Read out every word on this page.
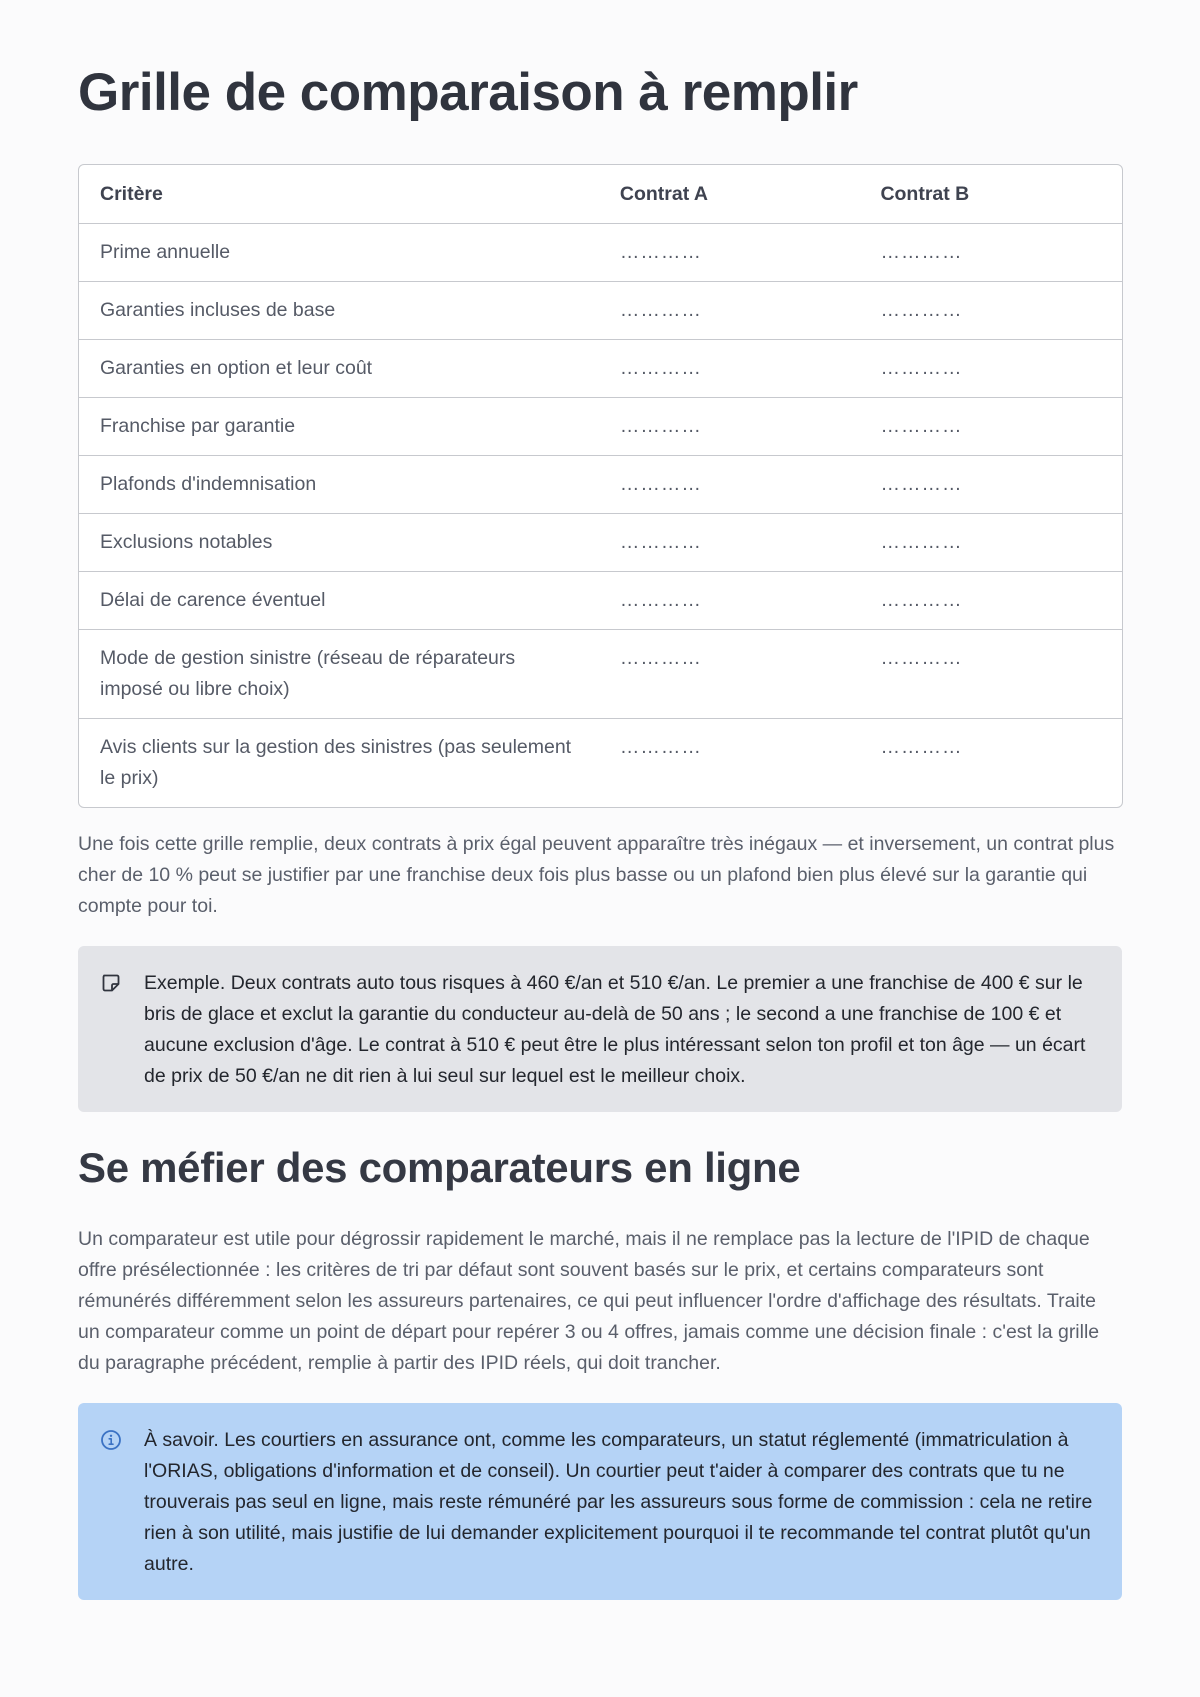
Grille de comparaison à remplir
Critère	Contrat A	Contrat B
Prime annuelle	…………	…………
Garanties incluses de base	…………	…………
Garanties en option et leur coût	…………	…………
Franchise par garantie	…………	…………
Plafonds d'indemnisation	…………	…………
Exclusions notables	…………	…………
Délai de carence éventuel	…………	…………
Mode de gestion sinistre (réseau de réparateurs imposé ou libre choix)	…………	…………
Avis clients sur la gestion des sinistres (pas seulement le prix)	…………	…………

Une fois cette grille remplie, deux contrats à prix égal peuvent apparaître très inégaux — et inversement, un contrat plus cher de 10 % peut se justifier par une franchise deux fois plus basse ou un plafond bien plus élevé sur la garantie qui compte pour toi.

Exemple. Deux contrats auto tous risques à 460 €/an et 510 €/an. Le premier a une franchise de 400 € sur le bris de glace et exclut la garantie du conducteur au-delà de 50 ans ; le second a une franchise de 100 € et aucune exclusion d'âge. Le contrat à 510 € peut être le plus intéressant selon ton profil et ton âge — un écart de prix de 50 €/an ne dit rien à lui seul sur lequel est le meilleur choix.
Se méfier des comparateurs en ligne

Un comparateur est utile pour dégrossir rapidement le marché, mais il ne remplace pas la lecture de l'IPID de chaque offre présélectionnée : les critères de tri par défaut sont souvent basés sur le prix, et certains comparateurs sont rémunérés différemment selon les assureurs partenaires, ce qui peut influencer l'ordre d'affichage des résultats. Traite un comparateur comme un point de départ pour repérer 3 ou 4 offres, jamais comme une décision finale : c'est la grille du paragraphe précédent, remplie à partir des IPID réels, qui doit trancher.

À savoir. Les courtiers en assurance ont, comme les comparateurs, un statut réglementé (immatriculation à l'ORIAS, obligations d'information et de conseil). Un courtier peut t'aider à comparer des contrats que tu ne trouverais pas seul en ligne, mais reste rémunéré par les assureurs sous forme de commission : cela ne retire rien à son utilité, mais justifie de lui demander explicitement pourquoi il te recommande tel contrat plutôt qu'un autre.
